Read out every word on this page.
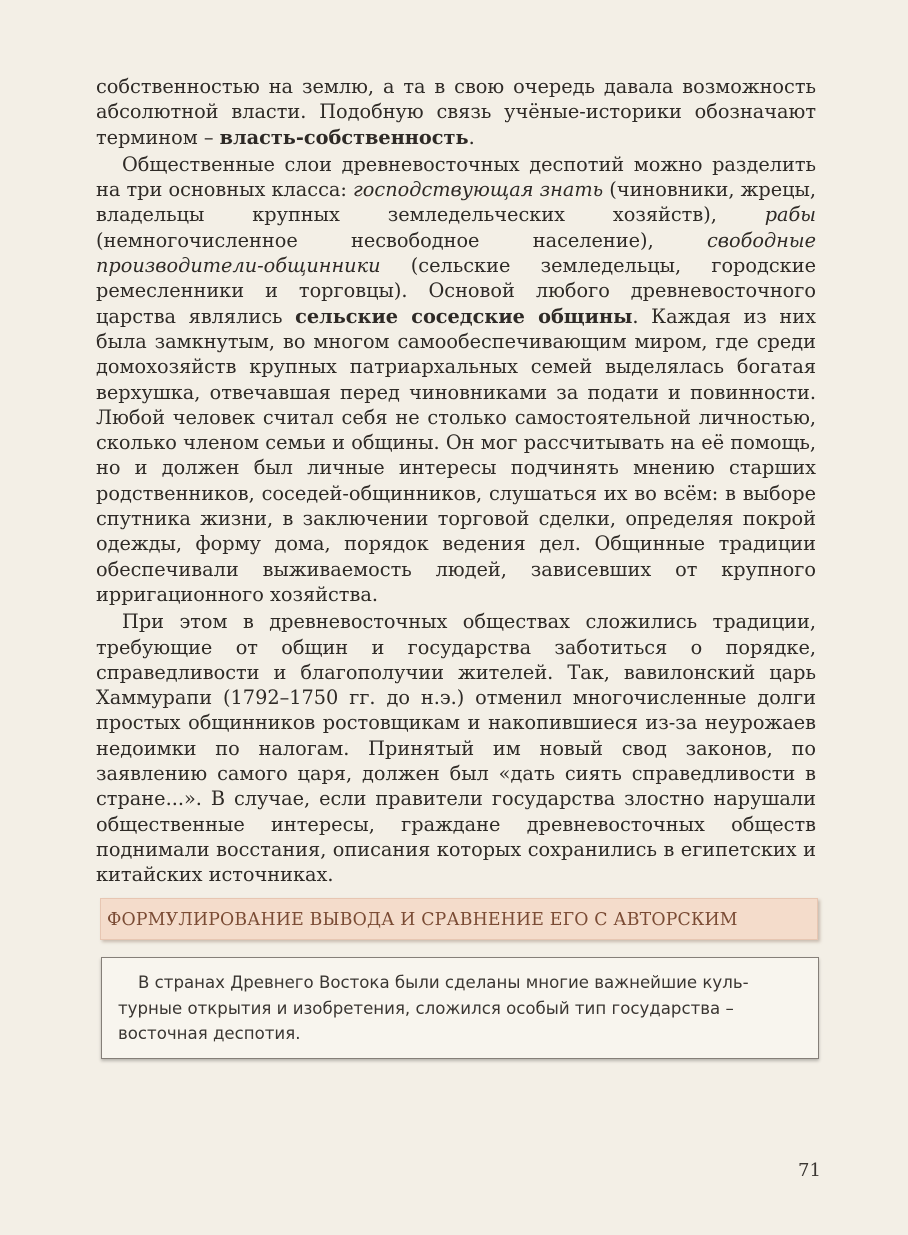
собственностью на землю, а та в свою очередь давала возможность абсолютной власти. Подобную связь учёные-историки обозначают термином – власть-собственность.

Общественные слои древневосточных деспотий можно разделить на три основных класса: господствующая знать (чиновники, жрецы, владельцы крупных земледельческих хозяйств), рабы (немногочисленное несвободное население), свободные производители-общинники (сельские земледельцы, городские ремесленники и торговцы). Основой любого древневосточного царства являлись сельские соседские общины. Каждая из них была замкнутым, во многом самообеспечивающим миром, где среди домохозяйств крупных патриархальных семей выделялась богатая верхушка, отвечавшая перед чиновниками за подати и повинности. Любой человек считал себя не столько самостоятельной личностью, сколько членом семьи и общины. Он мог рассчитывать на её помощь, но и должен был личные интересы подчинять мнению старших родственников, соседей-общинников, слушаться их во всём: в выборе спутника жизни, в заключении торговой сделки, определяя покрой одежды, форму дома, порядок ведения дел. Общинные традиции обеспечивали выживаемость людей, зависевших от крупного ирригационного хозяйства.

При этом в древневосточных обществах сложились традиции, требующие от общин и государства заботиться о порядке, справедливости и благополучии жителей. Так, вавилонский царь Хаммурапи (1792–1750 гг. до н.э.) отменил многочисленные долги простых общинников ростовщикам и накопившиеся из-за неурожаев недоимки по налогам. Принятый им новый свод законов, по заявлению самого царя, должен был «дать сиять справедливости в стране...». В случае, если правители государства злостно нарушали общественные интересы, граждане древневосточных обществ поднимали восстания, описания которых сохранились в египетских и китайских источниках.

ФОРМУЛИРОВАНИЕ ВЫВОДА И СРАВНЕНИЕ ЕГО С АВТОРСКИМ
В странах Древнего Востока были сделаны многие важнейшие куль-
турные открытия и изобретения, сложился особый тип государства –
восточная деспотия.
71
